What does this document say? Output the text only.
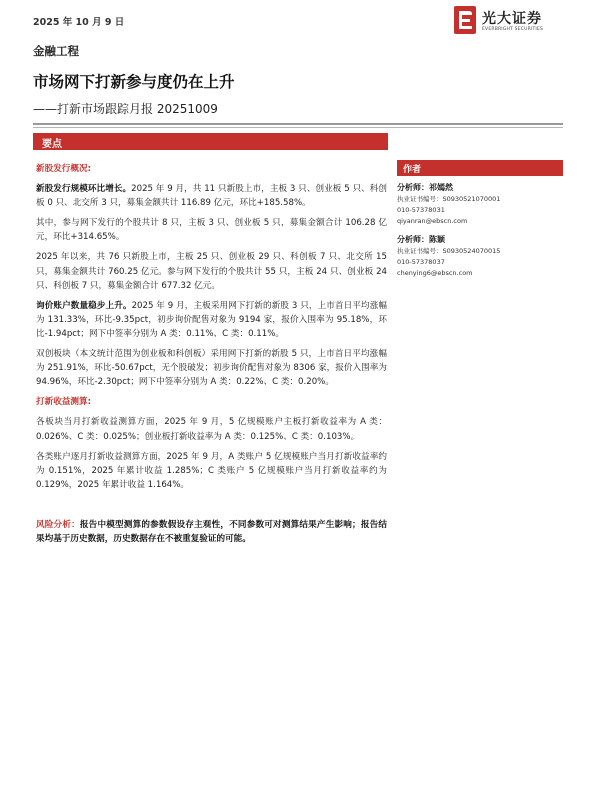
2025 年 10 月 9 日	光大证券
EVERBRIGHT SECURITIES
金融工程
市场网下打新参与度仍在上升
——打新市场跟踪月报 20251009
要点

新股发行概况:

新股发行规模环比增长。2025 年 9 月，共 11 只新股上市，主板 3 只、创业板 5 只、科创板 0 只、北交所 3 只，募集金额共计 116.89 亿元，环比+185.58%。

其中，参与网下发行的个股共计 8 只，主板 3 只、创业板 5 只，募集金额合计 106.28 亿元，环比+314.65%。

2025 年以来，共 76 只新股上市，主板 25 只、创业板 29 只、科创板 7 只、北交所 15 只，募集金额共计 760.25 亿元。参与网下发行的个股共计 55 只，主板 24 只、创业板 24 只、科创板 7 只，募集金额合计 677.32 亿元。

询价账户数量稳步上升。2025 年 9 月，主板采用网下打新的新股 3 只，上市首日平均涨幅为 131.33%，环比-9.35pct，初步询价配售对象为 9194 家，报价入围率为 95.18%，环比-1.94pct；网下中签率分别为 A 类：0.11%、C 类：0.11%。

双创板块（本文统计范围为创业板和科创板）采用网下打新的新股 5 只，上市首日平均涨幅为 251.91%，环比-50.67pct，无个股破发；初步询价配售对象为 8306 家，报价入围率为 94.96%，环比-2.30pct；网下中签率分别为 A 类：0.22%、C 类：0.20%。

打新收益测算:

各板块当月打新收益测算方面，2025 年 9 月，5 亿规模账户主板打新收益率为 A 类：0.026%、C 类：0.025%；创业板打新收益率为 A 类：0.125%、C 类：0.103%。

各类账户逐月打新收益测算方面，2025 年 9 月，A 类账户 5 亿规模账户当月打新收益率约为 0.151%，2025 年累计收益 1.285%；C 类账户 5 亿规模账户当月打新收益率约为 0.129%，2025 年累计收益 1.164%。

风险分析：报告中模型测算的参数假设存主观性，不同参数可对测算结果产生影响；报告结果均基于历史数据，历史数据存在不被重复验证的可能。

作者
分析师：祁嫣然
执业证书编号：S0930521070001
010-57378031
qiyanran@ebscn.com
分析师：陈颖
执业证书编号：S0930524070015
010-57378037
chenying6@ebscn.com
